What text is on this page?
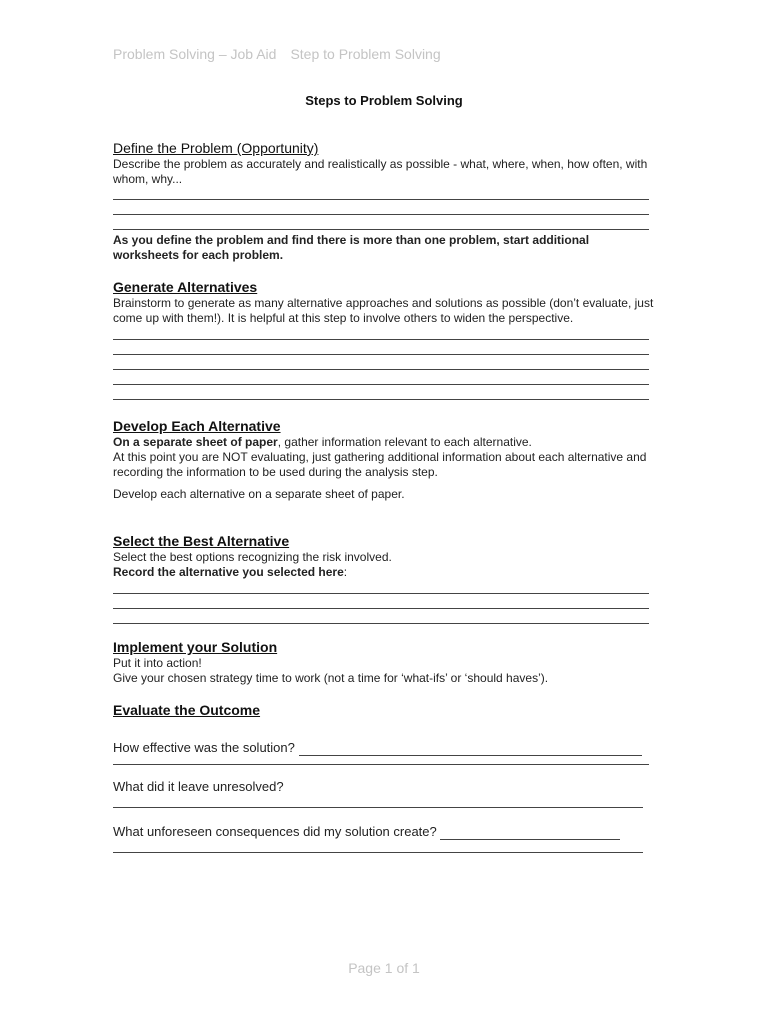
Problem Solving – Job Aid Step to Problem Solving
Steps to Problem Solving
Define the Problem (Opportunity)

Describe the problem as accurately and realistically as possible - what, where, when, how often, with whom, why...

As you define the problem and find there is more than one problem, start additional worksheets for each problem.

Generate Alternatives

Brainstorm to generate as many alternative approaches and solutions as possible (don’t evaluate, just come up with them!). It is helpful at this step to involve others to widen the perspective.

Develop Each Alternative

On a separate sheet of paper, gather information relevant to each alternative.

At this point you are NOT evaluating, just gathering additional information about each alternative and recording the information to be used during the analysis step.

Develop each alternative on a separate sheet of paper.

Select the Best Alternative

Select the best options recognizing the risk involved.

Record the alternative you selected here:

Implement your Solution

Put it into action!

Give your chosen strategy time to work (not a time for ‘what-ifs’ or ‘should haves’).

Evaluate the Outcome
How effective was the solution?
What did it leave unresolved?
What unforeseen consequences did my solution create?
Page 1 of 1
